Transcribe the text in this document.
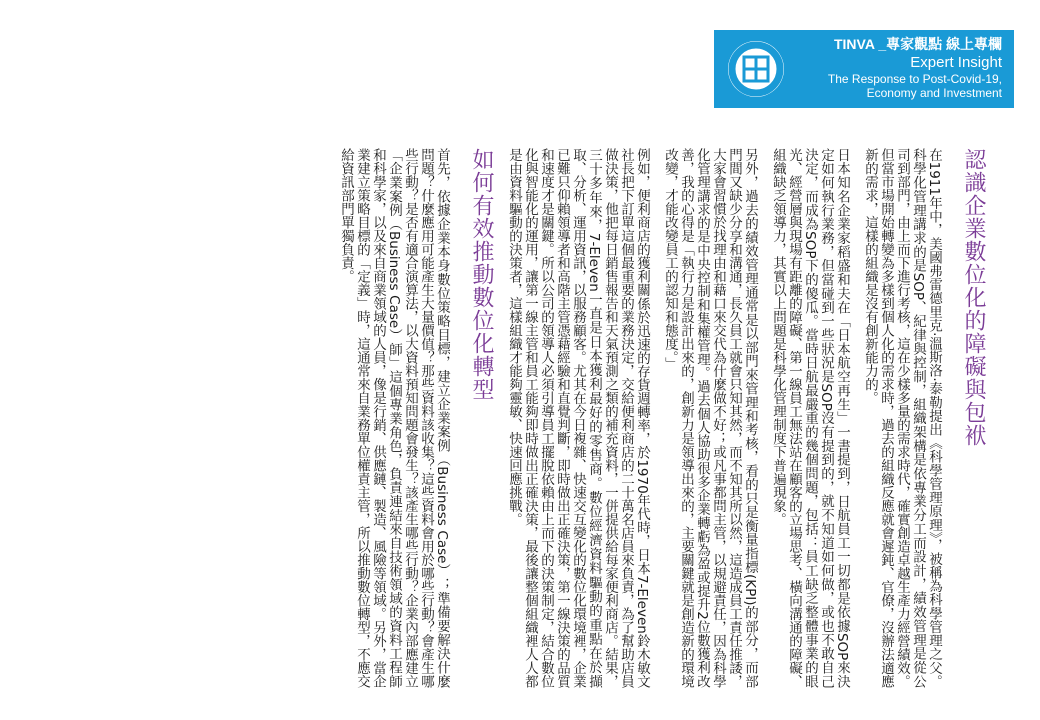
TINVA _專家觀點 線上專欄
Expert Insight
The Response to Post-Covid-19,
Economy and Investment
認識企業數位化的障礙與包袱

在1911年中，美國弗雷德里克·溫斯洛·泰勒提出《科學管理原理》，被稱為科學管理之父。科學化管理講求的是SOP、紀律與控制，組織架構是依專業分工而設計，績效管理是從公司到部門，由上而下進行考核，這在少樣多量的需求時代，確實創造卓越生產力經營績效。但當市場開始轉變為多樣到個人化的需求時，過去的組織反應就會遲鈍、官僚，沒辦法適應新的需求，這樣的組織是沒有創新能力的。

日本知名企業家稻盛和夫在「日本航空再生」一書提到，日航員工一切都是依據SOP來決定如何執行業務，但當碰到一些狀況是SOP沒有提到的，就不知道如何做，或也不敢自己決定，而成為SOP下的傻瓜。當時日航最嚴重的幾個問題，包括：員工缺乏整體事業的眼光、經營層與現場有距離的障礙、第一線員工無法站在顧客的立場思考、橫向溝通的障礙、組織缺乏領導力，其實以上問題是科學化管理制度下普遍現象。

另外，過去的績效管理通常是以部門來管理和考核，看的只是衡量指標(KPI)的部分，而部門間又缺少分享和溝通，長久員工就會只知其然，而不知其所以然，這造成員工責任推諉，大家會習慣於找理由和藉口來交代為什麼做不好；或凡事都問主管，以規避責任，因為科學化管理講求的是中央控制和集權管理。過去個人協助很多企業轉虧為盈或提升2位數獲利改善，我的心得是「執行力是設計出來的，創新力是領導出來的，主要關鍵就是創造新的環境改變，才能改變員工的認知和態度。」

例如，便利商店的獲利關係於迅速的存貨週轉率，於1970年代時，日本7-Eleven鈴木敏文社長把下訂單這個最重要的業務決定，交給便利商店的二十萬名店員來負責，為了幫助店員做決策，他把每日銷售報告和天氣預測之類的補充資料，一併提供給每家便利商店。結果，三十多年來，7-Eleven一直是日本獲利最好的零售商。數位經濟資料驅動的重點在於擷取、分析、運用資訊，以服務顧客。尤其在今日複雜、快速交互變化的數位化環境裡，企業已難只仰賴領導者和高階主管憑藉經驗和直覺判斷，即時做出正確決策，第一線決策的品質和速度才是關鍵。所以公司的領導人必須引導員工擺脫依賴由上而下的決策制定，結合數位化與智能化的運用，讓第一線主管和員工能夠即時做出正確決策，最後讓整個組織裡人人都是由資料驅動的決策者，這樣組織才能夠靈敏、快速回應挑戰。

如何有效推動數位化轉型

首先，依據企業本身數位策略目標，建立企業案例（Business Case）；準備要解決什麼問題？什麼應用可能產生大量價值？那些資料該收集？這些資料會用於哪些行動？會產生哪些行動？是否有適合演算法，以大資料預知問題會發生？該產生哪些行動？企業內部應建立「企業案例（Business Case）師」這個專業角色，負責連結來自技術領域的資料工程師和科學家，以及來自商業領域的人員，像是行銷、供應鏈、製造、風險等領域。另外，當企業建立策略目標的「定義」時，這通常來自業務單位權責主管，所以推動數位轉型，不應交給資訊部門單獨負責。
